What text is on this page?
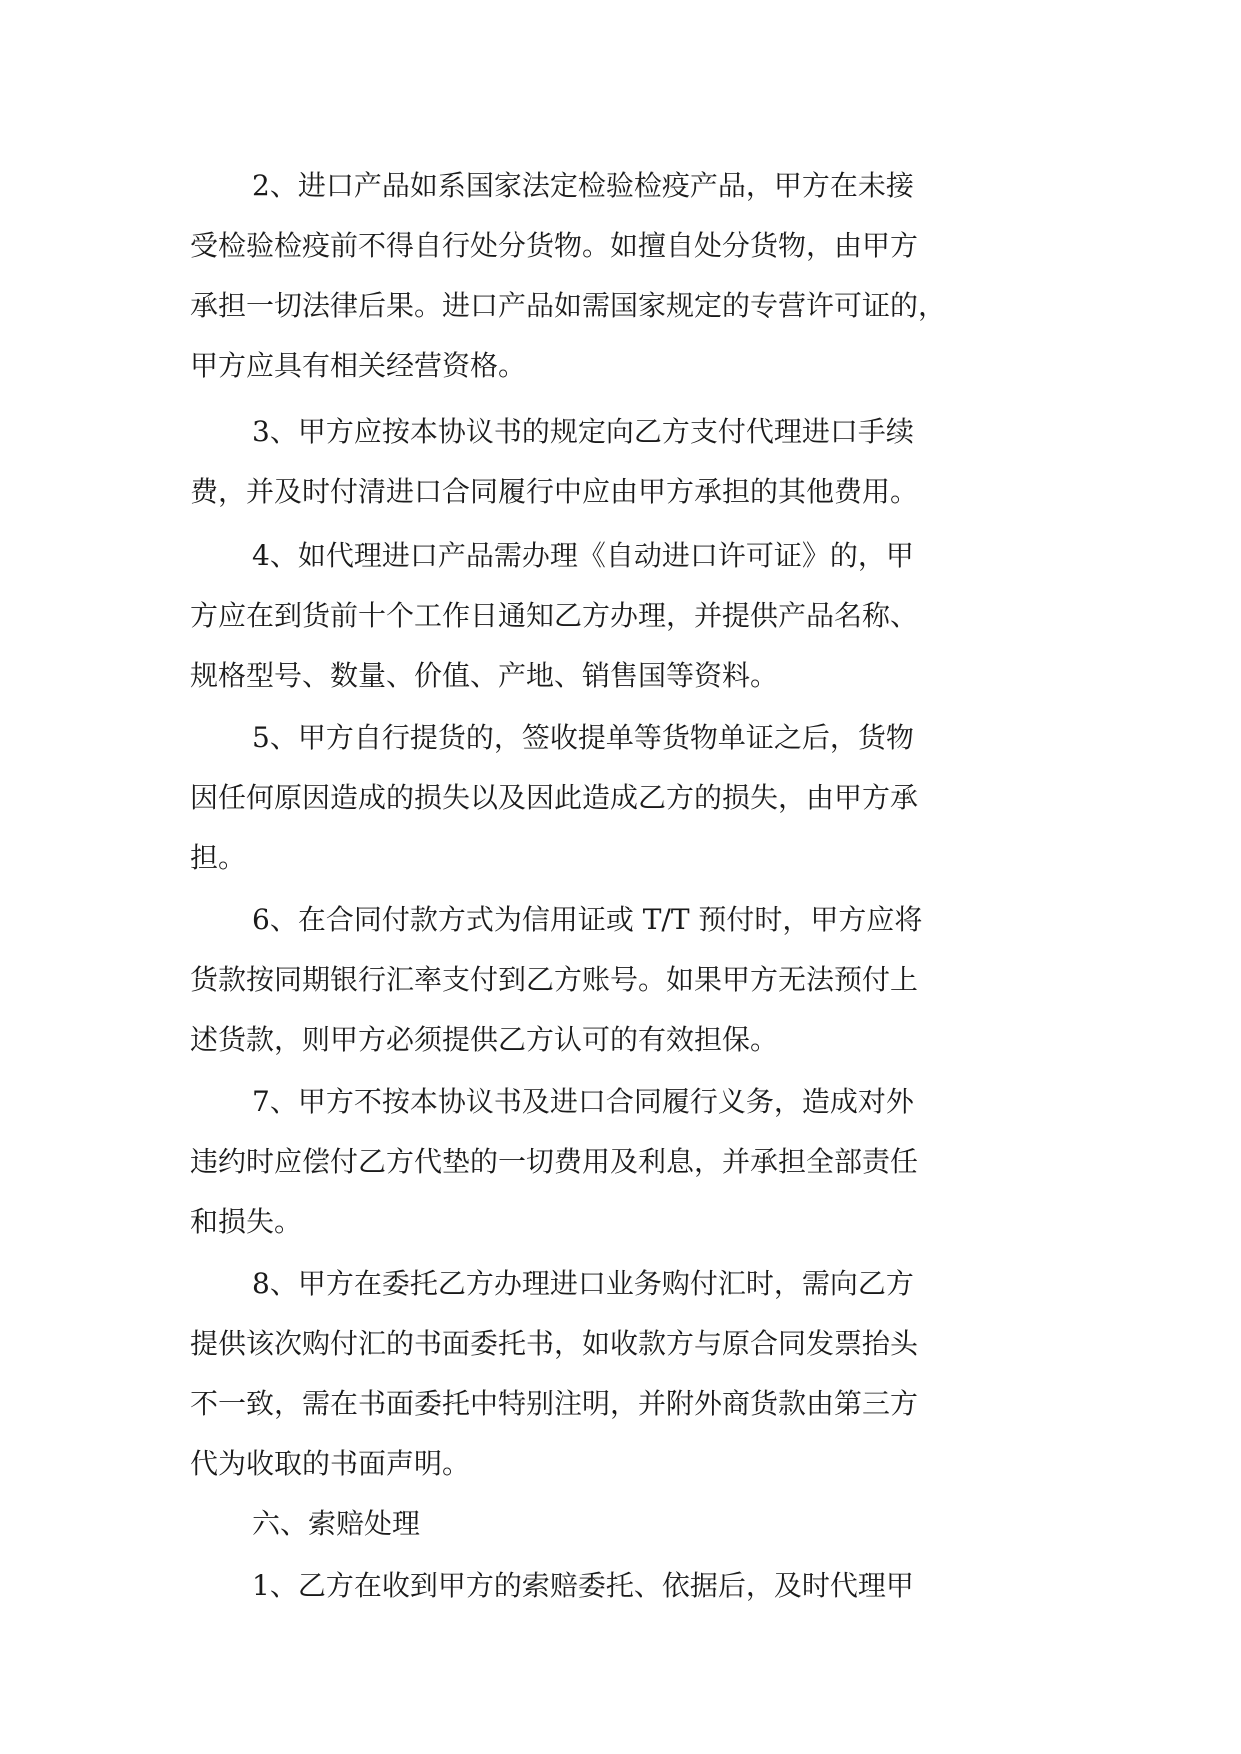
2、进口产品如系国家法定检验检疫产品，甲方在未接
受检验检疫前不得自行处分货物。如擅自处分货物，由甲方
承担一切法律后果。进口产品如需国家规定的专营许可证的，
甲方应具有相关经营资格。
3、甲方应按本协议书的规定向乙方支付代理进口手续
费，并及时付清进口合同履行中应由甲方承担的其他费用。
4、如代理进口产品需办理《自动进口许可证》的，甲
方应在到货前十个工作日通知乙方办理，并提供产品名称、
规格型号、数量、价值、产地、销售国等资料。
5、甲方自行提货的，签收提单等货物单证之后，货物
因任何原因造成的损失以及因此造成乙方的损失，由甲方承
担。
6、在合同付款方式为信用证或 T/T 预付时，甲方应将
货款按同期银行汇率支付到乙方账号。如果甲方无法预付上
述货款，则甲方必须提供乙方认可的有效担保。
7、甲方不按本协议书及进口合同履行义务，造成对外
违约时应偿付乙方代垫的一切费用及利息，并承担全部责任
和损失。
8、甲方在委托乙方办理进口业务购付汇时，需向乙方
提供该次购付汇的书面委托书，如收款方与原合同发票抬头
不一致，需在书面委托中特别注明，并附外商货款由第三方
代为收取的书面声明。
六、索赔处理
1、乙方在收到甲方的索赔委托、依据后，及时代理甲
